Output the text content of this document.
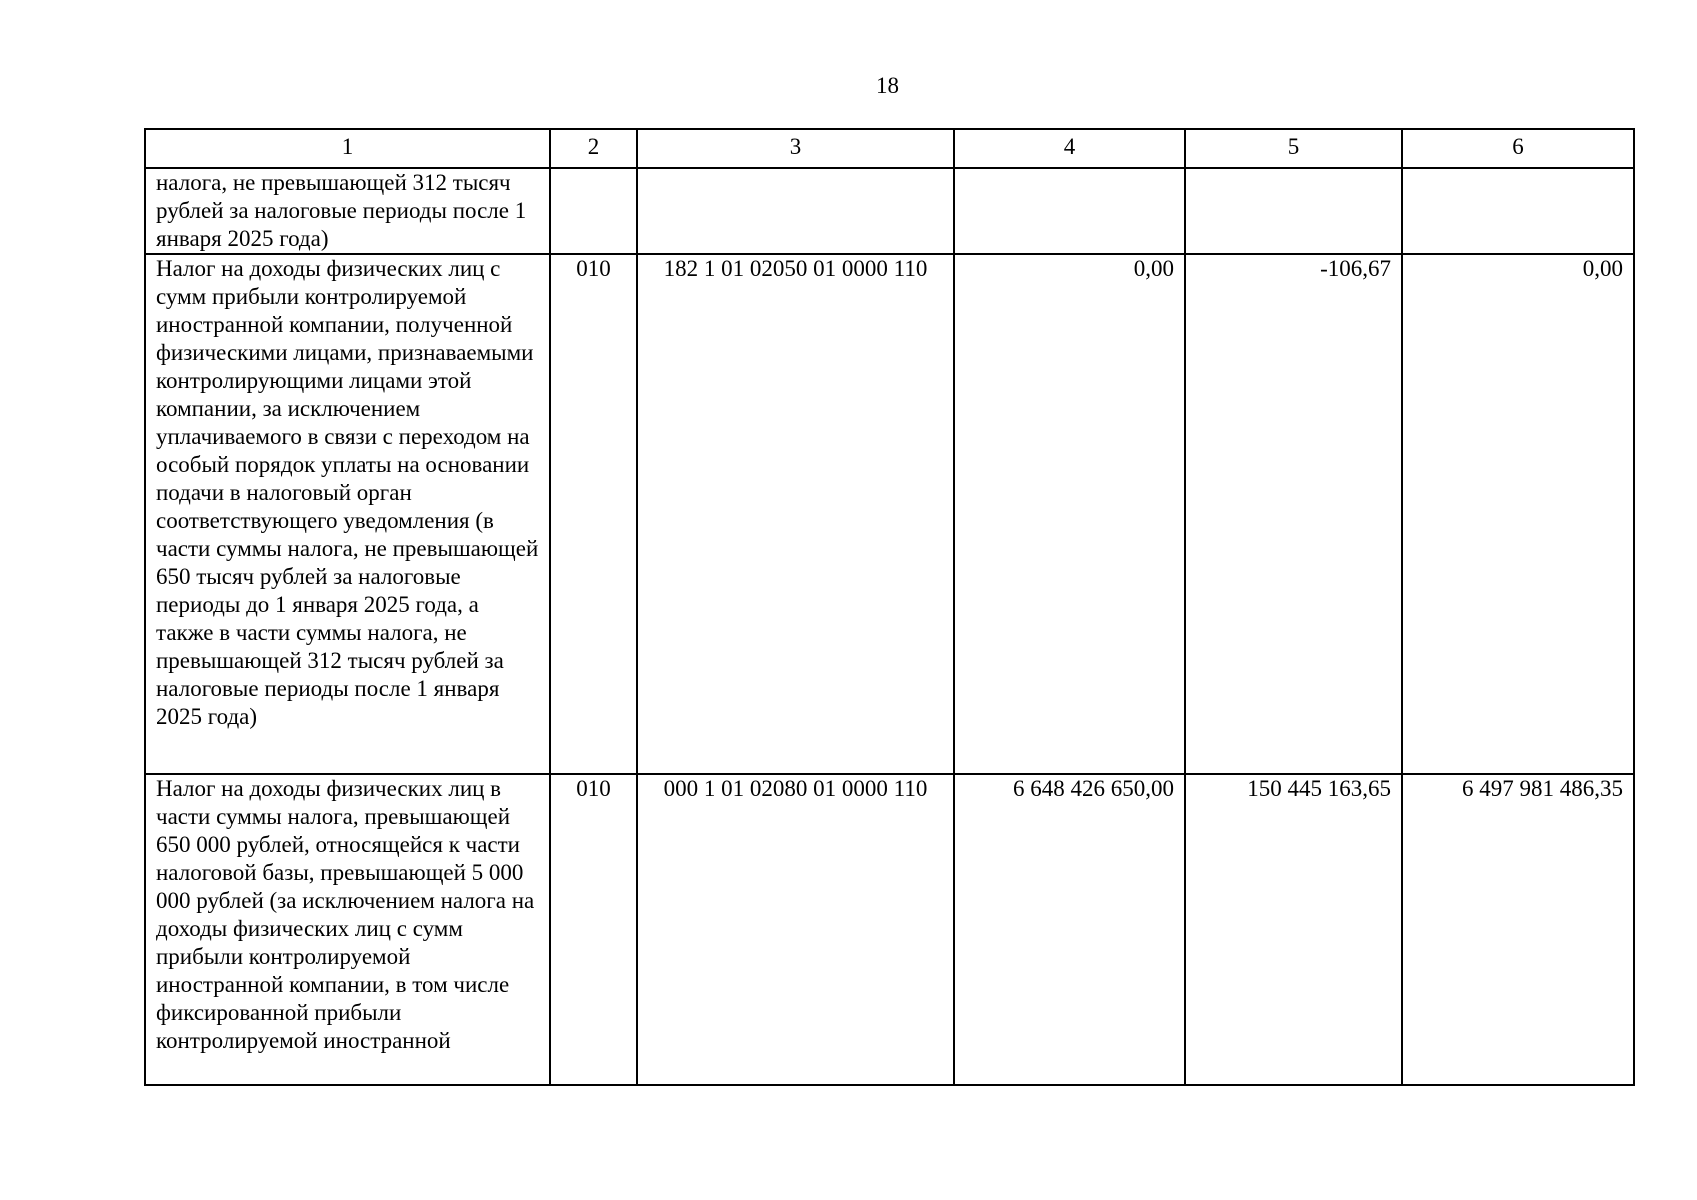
18
1	2	3	4	5	6
налога, не превышающей 312 тысяч рублей за налоговые периоды после 1 января 2025 года)					
Налог на доходы физических лиц с сумм прибыли контролируемой иностранной компании, полученной физическими лицами, признаваемыми контролирующими лицами этой компании, за исключением уплачиваемого в связи с переходом на особый порядок уплаты на основании подачи в налоговый орган соответствующего уведомления (в части суммы налога, не превышающей 650 тысяч рублей за налоговые периоды до 1 января 2025 года, а также в части суммы налога, не превышающей 312 тысяч рублей за налоговые периоды после 1 января 2025 года)	010	182 1 01 02050 01 0000 110	0,00	-106,67	0,00
Налог на доходы физических лиц в части суммы налога, превышающей 650 000 рублей, относящейся к части налоговой базы, превышающей 5 000 000 рублей (за исключением налога на доходы физических лиц с сумм прибыли контролируемой иностранной компании, в том числе фиксированной прибыли контролируемой иностранной	010	000 1 01 02080 01 0000 110	6 648 426 650,00	150 445 163,65	6 497 981 486,35
